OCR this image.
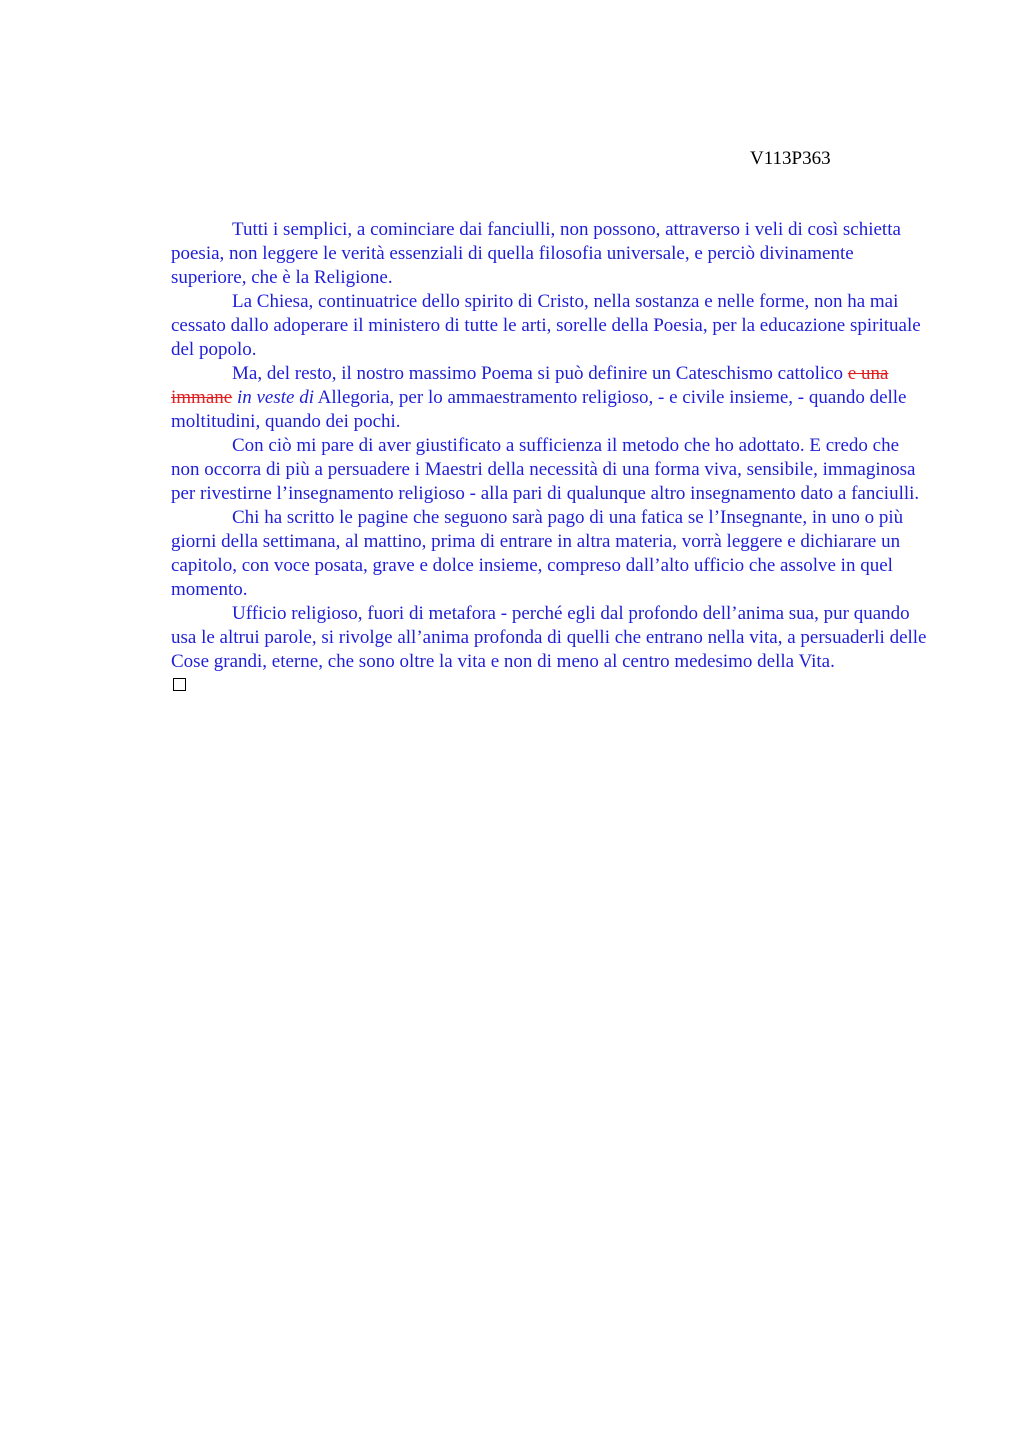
V113P363

Tutti i semplici, a cominciare dai fanciulli, non possono, attraverso i veli di così schietta poesia, non leggere le verità essenziali di quella filosofia universale, e perciò divinamente superiore, che è la Religione.

La Chiesa, continuatrice dello spirito di Cristo, nella sostanza e nelle forme, non ha mai cessato dallo adoperare il ministero di tutte le arti, sorelle della Poesia, per la educazione spirituale del popolo.

Ma, del resto, il nostro massimo Poema si può definire un Cateschismo cattolico e una immane in veste di Allegoria, per lo ammaestramento religioso, - e civile insieme, - quando delle moltitudini, quando dei pochi.

Con ciò mi pare di aver giustificato a sufficienza il metodo che ho adottato. E credo che non occorra di più a persuadere i Maestri della necessità di una forma viva, sensibile, immaginosa per rivestirne l’insegnamento religioso - alla pari di qualunque altro insegnamento dato a fanciulli.

Chi ha scritto le pagine che seguono sarà pago di una fatica se l’Insegnante, in uno o più giorni della settimana, al mattino, prima di entrare in altra materia, vorrà leggere e dichiarare un capitolo, con voce posata, grave e dolce insieme, compreso dall’alto ufficio che assolve in quel momento.

Ufficio religioso, fuori di metafora - perché egli dal profondo dell’anima sua, pur quando usa le altrui parole, si rivolge all’anima profonda di quelli che entrano nella vita, a persuaderli delle Cose grandi, eterne, che sono oltre la vita e non di meno al centro medesimo della Vita.
